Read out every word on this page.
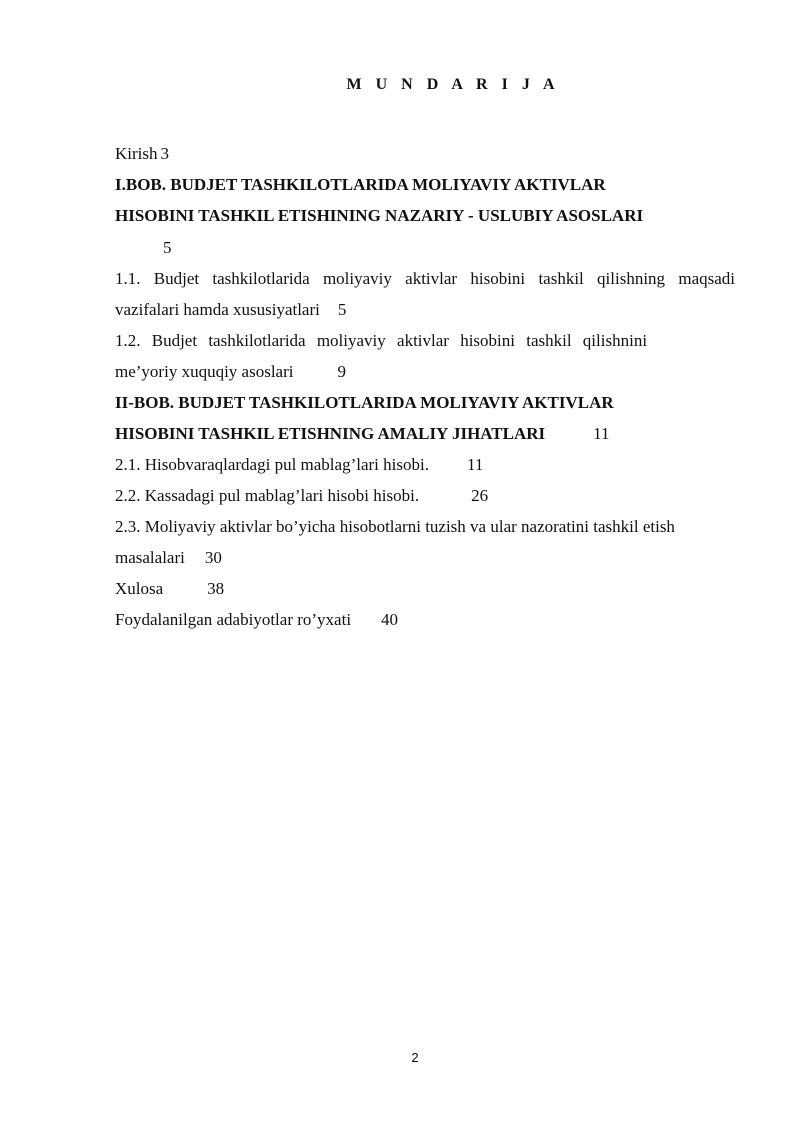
M U N D A R I J A
Kirish 3
I.BOB. BUDJET TASHKILOTLARIDA MOLIYAVIY AKTIVLAR
HISOBINI TASHKIL ETISHINING NAZARIY - USLUBIY ASOSLARI
5
1.1. Budjet tashkilotlarida moliyaviy aktivlar hisobini tashkil qilishning maqsadi
vazifalari hamda xususiyatlari 5
1.2. Budjet tashkilotlarida moliyaviy aktivlar hisobini tashkil qilishnini
me’yoriy xuquqiy asoslari	9
II-BOB. BUDJET TASHKILOTLARIDA MOLIYAVIY AKTIVLAR
HISOBINI TASHKIL ETISHNING AMALIY JIHATLARI	11
2.1. Hisobvaraqlardagi pul mablag’lari hisobi. 11
2.2. Kassadagi pul mablag’lari hisobi hisobi.	26
2.3. Moliyaviy aktivlar bo’yicha hisobotlarni tuzish va ular nazoratini tashkil etish
masalalari 30
Xulosa	38
Foydalanilgan adabiyotlar ro’yxati 40
2
